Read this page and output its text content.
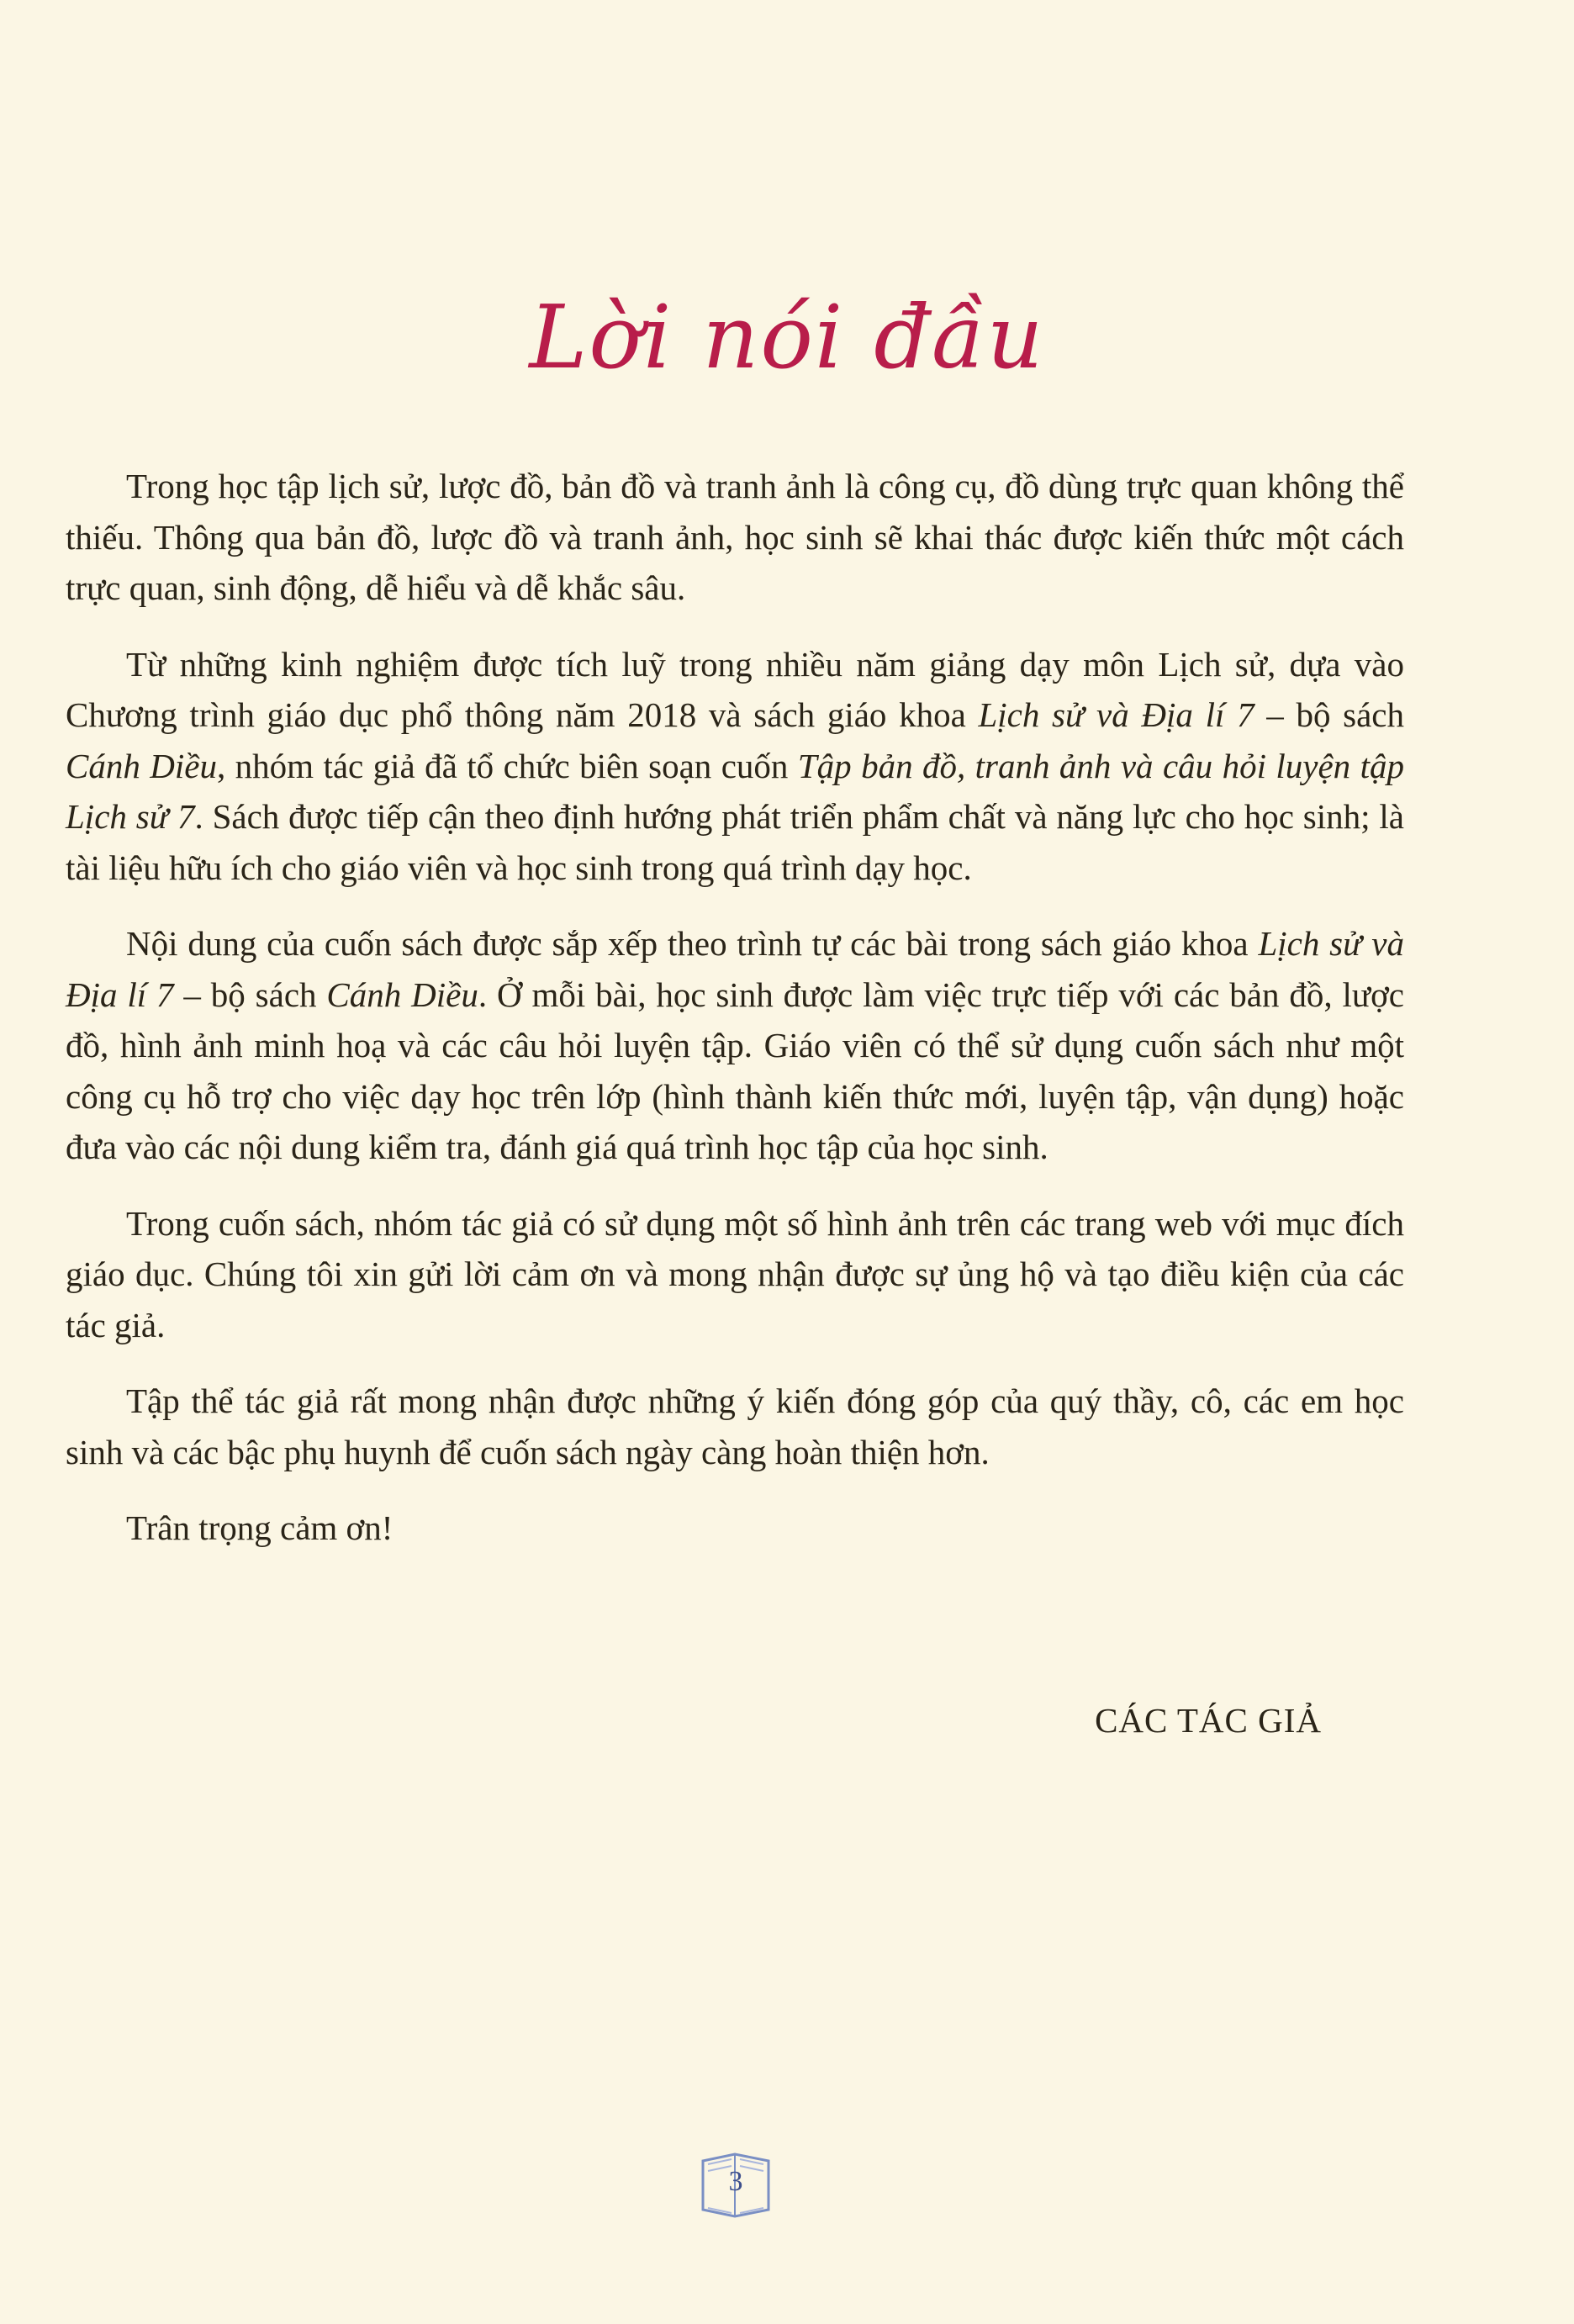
Lời nói đầu

Trong học tập lịch sử, lược đồ, bản đồ và tranh ảnh là công cụ, đồ dùng trực quan không thể thiếu. Thông qua bản đồ, lược đồ và tranh ảnh, học sinh sẽ khai thác được kiến thức một cách trực quan, sinh động, dễ hiểu và dễ khắc sâu.

Từ những kinh nghiệm được tích luỹ trong nhiều năm giảng dạy môn Lịch sử, dựa vào Chương trình giáo dục phổ thông năm 2018 và sách giáo khoa Lịch sử và Địa lí 7 – bộ sách Cánh Diều, nhóm tác giả đã tổ chức biên soạn cuốn Tập bản đồ, tranh ảnh và câu hỏi luyện tập Lịch sử 7. Sách được tiếp cận theo định hướng phát triển phẩm chất và năng lực cho học sinh; là tài liệu hữu ích cho giáo viên và học sinh trong quá trình dạy học.

Nội dung của cuốn sách được sắp xếp theo trình tự các bài trong sách giáo khoa Lịch sử và Địa lí 7 – bộ sách Cánh Diều. Ở mỗi bài, học sinh được làm việc trực tiếp với các bản đồ, lược đồ, hình ảnh minh hoạ và các câu hỏi luyện tập. Giáo viên có thể sử dụng cuốn sách như một công cụ hỗ trợ cho việc dạy học trên lớp (hình thành kiến thức mới, luyện tập, vận dụng) hoặc đưa vào các nội dung kiểm tra, đánh giá quá trình học tập của học sinh.

Trong cuốn sách, nhóm tác giả có sử dụng một số hình ảnh trên các trang web với mục đích giáo dục. Chúng tôi xin gửi lời cảm ơn và mong nhận được sự ủng hộ và tạo điều kiện của các tác giả.

Tập thể tác giả rất mong nhận được những ý kiến đóng góp của quý thầy, cô, các em học sinh và các bậc phụ huynh để cuốn sách ngày càng hoàn thiện hơn.

Trân trọng cảm ơn!

CÁC TÁC GIẢ
3
